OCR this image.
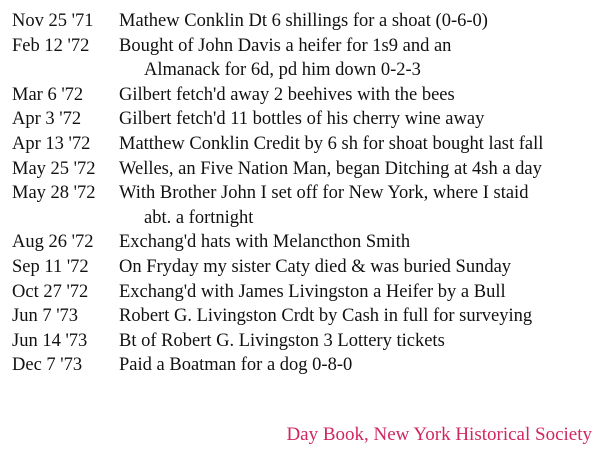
Nov 25 '71	Mathew Conklin Dt 6 shillings for a shoat (0-6-0)
Feb 12 '72	Bought of John Davis a heifer for 1s9 and an
Almanack for 6d, pd him down 0-2-3
Mar 6 '72	Gilbert fetch'd away 2 beehives with the bees
Apr 3 '72	Gilbert fetch'd 11 bottles of his cherry wine away
Apr 13 '72	Matthew Conklin Credit by 6 sh for shoat bought last fall
May 25 '72	Welles, an Five Nation Man, began Ditching at 4sh a day
May 28 '72	With Brother John I set off for New York, where I staid
abt. a fortnight
Aug 26 '72	Exchang'd hats with Melancthon Smith
Sep 11 '72	On Fryday my sister Caty died & was buried Sunday
Oct 27 '72	Exchang'd with James Livingston a Heifer by a Bull
Jun 7 '73	Robert G. Livingston Crdt by Cash in full for surveying
Jun 14 '73	Bt of Robert G. Livingston 3 Lottery tickets
Dec 7 '73	Paid a Boatman for a dog 0-8-0
Day Book, New York Historical Society
